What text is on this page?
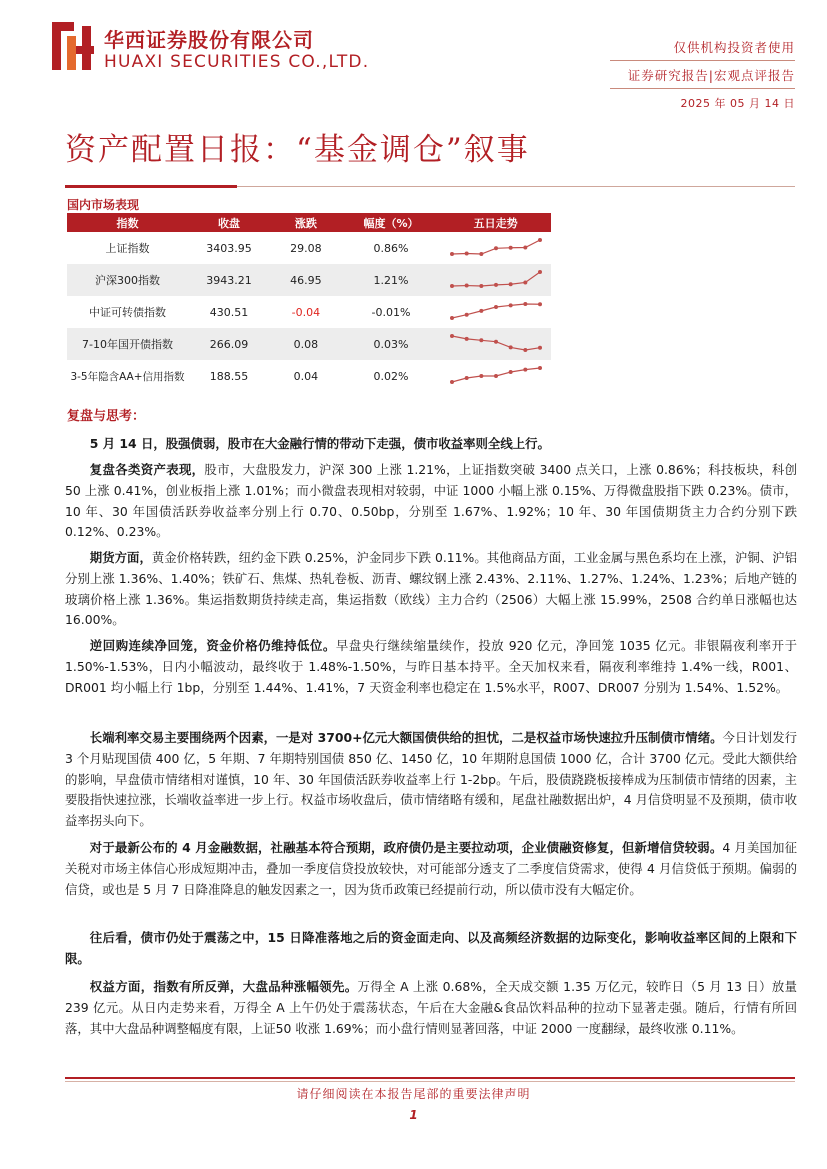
华西证券股份有限公司
HUAXI SECURITIES CO.,LTD.
仅供机构投资者使用
证券研究报告|宏观点评报告
2025 年 05 月 14 日
资产配置日报：“基金调仓”叙事
国内市场表现
指数	收盘	涨跌	幅度（%）	五日走势
上证指数	3403.95	29.08	0.86%	
沪深300指数	3943.21	46.95	1.21%	
中证可转债指数	430.51	-0.04	-0.01%	
7-10年国开债指数	266.09	0.08	0.03%	
3-5年隐含AA+信用指数	188.55	0.04	0.02%	
复盘与思考：

5 月 14 日，股强债弱，股市在大金融行情的带动下走强，债市收益率则全线上行。

复盘各类资产表现，股市，大盘股发力，沪深 300 上涨 1.21%，上证指数突破 3400 点关口，上涨 0.86%；科技板块，科创 50 上涨 0.41%，创业板指上涨 1.01%；而小微盘表现相对较弱，中证 1000 小幅上涨 0.15%、万得微盘股指下跌 0.23%。债市，10 年、30 年国债活跃券收益率分别上行 0.70、0.50bp，分别至 1.67%、1.92%；10 年、30 年国债期货主力合约分别下跌 0.12%、0.23%。

期货方面，黄金价格转跌，纽约金下跌 0.25%，沪金同步下跌 0.11%。其他商品方面，工业金属与黑色系均在上涨，沪铜、沪铝分别上涨 1.36%、1.40%；铁矿石、焦煤、热轧卷板、沥青、螺纹钢上涨 2.43%、2.11%、1.27%、1.24%、1.23%；后地产链的玻璃价格上涨 1.36%。集运指数期货持续走高，集运指数（欧线）主力合约（2506）大幅上涨 15.99%，2508 合约单日涨幅也达 16.00%。

逆回购连续净回笼，资金价格仍维持低位。早盘央行继续缩量续作，投放 920 亿元，净回笼 1035 亿元。非银隔夜利率开于 1.50%-1.53%，日内小幅波动，最终收于 1.48%-1.50%，与昨日基本持平。全天加权来看，隔夜利率维持 1.4%一线，R001、DR001 均小幅上行 1bp，分别至 1.44%、1.41%，7 天资金利率也稳定在 1.5%水平，R007、DR007 分别为 1.54%、1.52%。

长端利率交易主要围绕两个因素，一是对 3700+亿元大额国债供给的担忧，二是权益市场快速拉升压制债市情绪。今日计划发行 3 个月贴现国债 400 亿，5 年期、7 年期特别国债 850 亿、1450 亿，10 年期附息国债 1000 亿，合计 3700 亿元。受此大额供给的影响，早盘债市情绪相对谨慎，10 年、30 年国债活跃券收益率上行 1-2bp。午后，股债跷跷板接棒成为压制债市情绪的因素，主要股指快速拉涨，长端收益率进一步上行。权益市场收盘后，债市情绪略有缓和，尾盘社融数据出炉，4 月信贷明显不及预期，债市收益率拐头向下。

对于最新公布的 4 月金融数据，社融基本符合预期，政府债仍是主要拉动项，企业债融资修复，但新增信贷较弱。4 月美国加征关税对市场主体信心形成短期冲击，叠加一季度信贷投放较快，对可能部分透支了二季度信贷需求，使得 4 月信贷低于预期。偏弱的信贷，或也是 5 月 7 日降准降息的触发因素之一，因为货币政策已经提前行动，所以债市没有大幅定价。

往后看，债市仍处于震荡之中，15 日降准落地之后的资金面走向、以及高频经济数据的边际变化，影响收益率区间的上限和下限。

权益方面，指数有所反弹，大盘品种涨幅领先。万得全 A 上涨 0.68%，全天成交额 1.35 万亿元，较昨日（5 月 13 日）放量 239 亿元。从日内走势来看，万得全 A 上午仍处于震荡状态，午后在大金融&食品饮料品种的拉动下显著走强。随后，行情有所回落，其中大盘品种调整幅度有限，上证50 收涨 1.69%；而小盘行情则显著回落，中证 2000 一度翻绿，最终收涨 0.11%。

请仔细阅读在本报告尾部的重要法律声明
1
